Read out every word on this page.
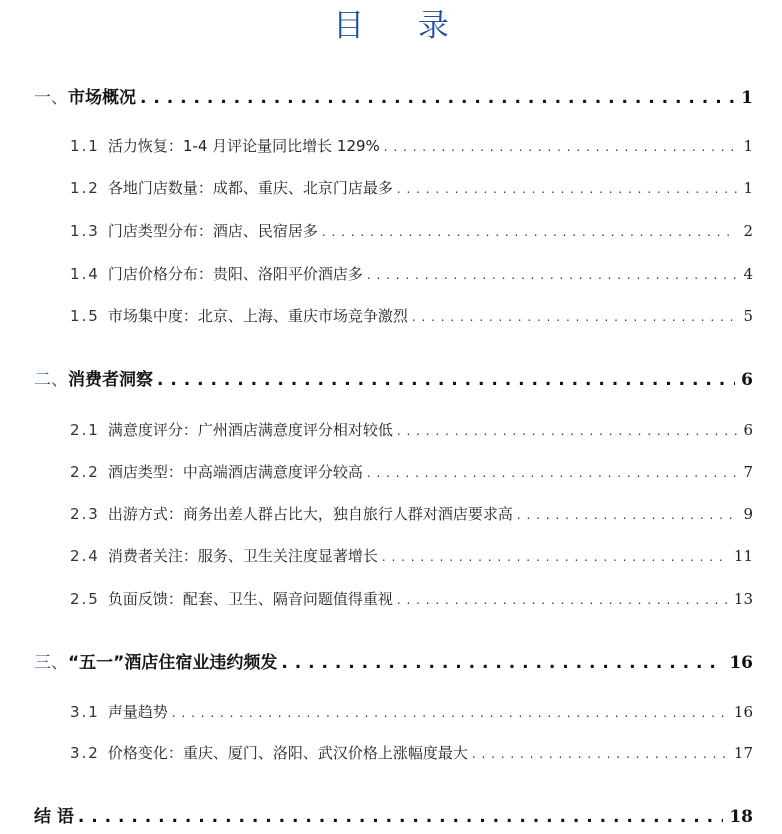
目 录
一、 市场概况 . . .	1
1.1 活力恢复：1-4 月评论量同比增长 129% . . .	1
1.2 各地门店数量：成都、重庆、北京门店最多 . . .	1
1.3 门店类型分布：酒店、民宿居多 . . .	2
1.4 门店价格分布：贵阳、洛阳平价酒店多 . . .	4
1.5 市场集中度：北京、上海、重庆市场竞争激烈 . . .	5
二、 消费者洞察 . . .	6
2.1 满意度评分：广州酒店满意度评分相对较低 . . .	6
2.2 酒店类型：中高端酒店满意度评分较高 . . .	7
2.3 出游方式：商务出差人群占比大，独自旅行人群对酒店要求高 . . .	9
2.4 消费者关注：服务、卫生关注度显著增长 . . .	11
2.5 负面反馈：配套、卫生、隔音问题值得重视 . . .	13
三、 “五一”酒店住宿业违约频发 . . .	16
3.1 声量趋势 . . .	16
3.2 价格变化：重庆、厦门、洛阳、武汉价格上涨幅度最大 . . .	17
结 语 . . .	18
